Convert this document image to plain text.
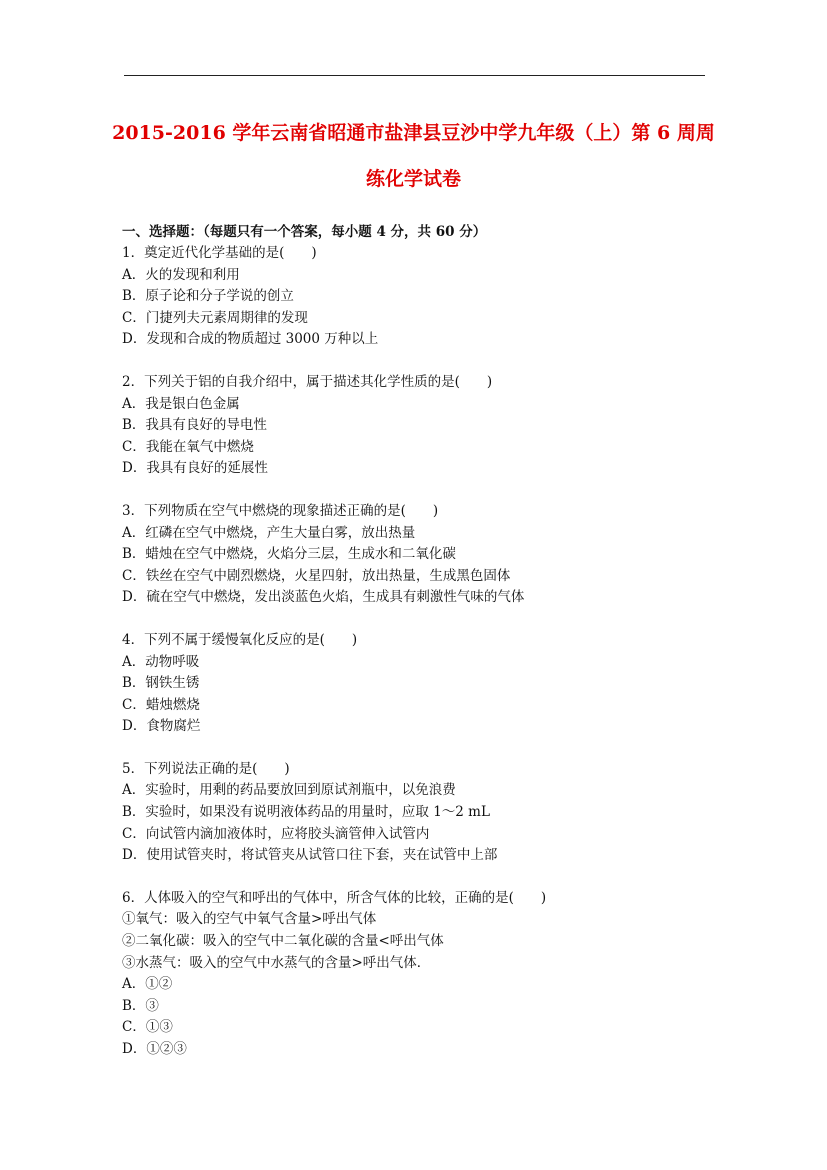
2015-2016 学年云南省昭通市盐津县豆沙中学九年级（上）第 6 周周
练化学试卷
一、选择题：（每题只有一个答案，每小题 4 分，共 60 分）
1．奠定近代化学基础的是(　　)
A．火的发现和利用
B．原子论和分子学说的创立
C．门捷列夫元素周期律的发现
D．发现和合成的物质超过 3000 万种以上
2．下列关于铝的自我介绍中，属于描述其化学性质的是(　　)
A．我是银白色金属
B．我具有良好的导电性
C．我能在氧气中燃烧
D．我具有良好的延展性
3．下列物质在空气中燃烧的现象描述正确的是(　　)
A．红磷在空气中燃烧，产生大量白雾，放出热量
B．蜡烛在空气中燃烧，火焰分三层，生成水和二氧化碳
C．铁丝在空气中剧烈燃烧，火星四射，放出热量，生成黑色固体
D．硫在空气中燃烧，发出淡蓝色火焰，生成具有刺激性气味的气体
4．下列不属于缓慢氧化反应的是(　　)
A．动物呼吸
B．钢铁生锈
C．蜡烛燃烧
D．食物腐烂
5．下列说法正确的是(　　)
A．实验时，用剩的药品要放回到原试剂瓶中，以免浪费
B．实验时，如果没有说明液体药品的用量时，应取 1～2 mL
C．向试管内滴加液体时，应将胶头滴管伸入试管内
D．使用试管夹时，将试管夹从试管口往下套，夹在试管中上部
6．人体吸入的空气和呼出的气体中，所含气体的比较，正确的是(　　)
①氧气：吸入的空气中氧气含量>呼出气体
②二氧化碳：吸入的空气中二氧化碳的含量<呼出气体
③水蒸气：吸入的空气中水蒸气的含量>呼出气体．
A．①②
B．③
C．①③
D．①②③
